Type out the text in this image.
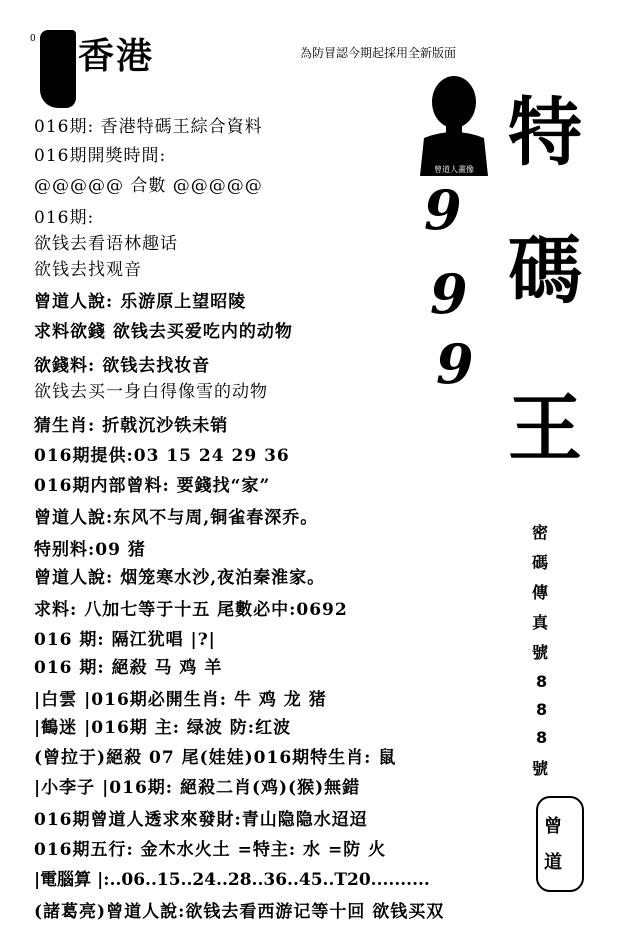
0 香港	為防冒認今期起採用全新版面
曾道人畫像
9
9
9
特
碼
王
密
碼
傳
真
號
8
8
8
號
曾
道
016期: 香港特碼王綜合資料
016期開獎時間:
@@@@@ 合數 @@@@@
016期:
欲钱去看语林趣话
欲钱去找观音
曾道人說: 乐游原上望昭陵
求料欲錢 欲钱去买爱吃内的动物
欲錢料: 欲钱去找妆音
欲钱去买一身白得像雪的动物
猜生肖: 折戟沉沙铁未销
016期提供:03 15 24 29 36
016期内部曾料: 要錢找“家”
曾道人說:东风不与周,铜雀春深乔。
特别料:09 猪
曾道人說: 烟笼寒水沙,夜泊秦淮家。
求料: 八加七等于十五 尾數必中:0692
016 期: 隔江犹唱 |?|
016 期: 絕殺 马 鸡 羊
|白雲 |016期必開生肖: 牛 鸡 龙 猪
|鶴迷 |016期 主: 绿波 防:红波
(曾拉于)絕殺 07 尾(娃娃)016期特生肖: 鼠
|小李子 |016期: 絕殺二肖(鸡)(猴)無錯
016期曾道人透求來發財:青山隐隐水迢迢
016期五行: 金木水火土 =特主: 水 =防 火
|電腦算 |:..06..15..24..28..36..45..T20..........
(諸葛亮)曾道人說:欲钱去看西游记等十回 欲钱买双
